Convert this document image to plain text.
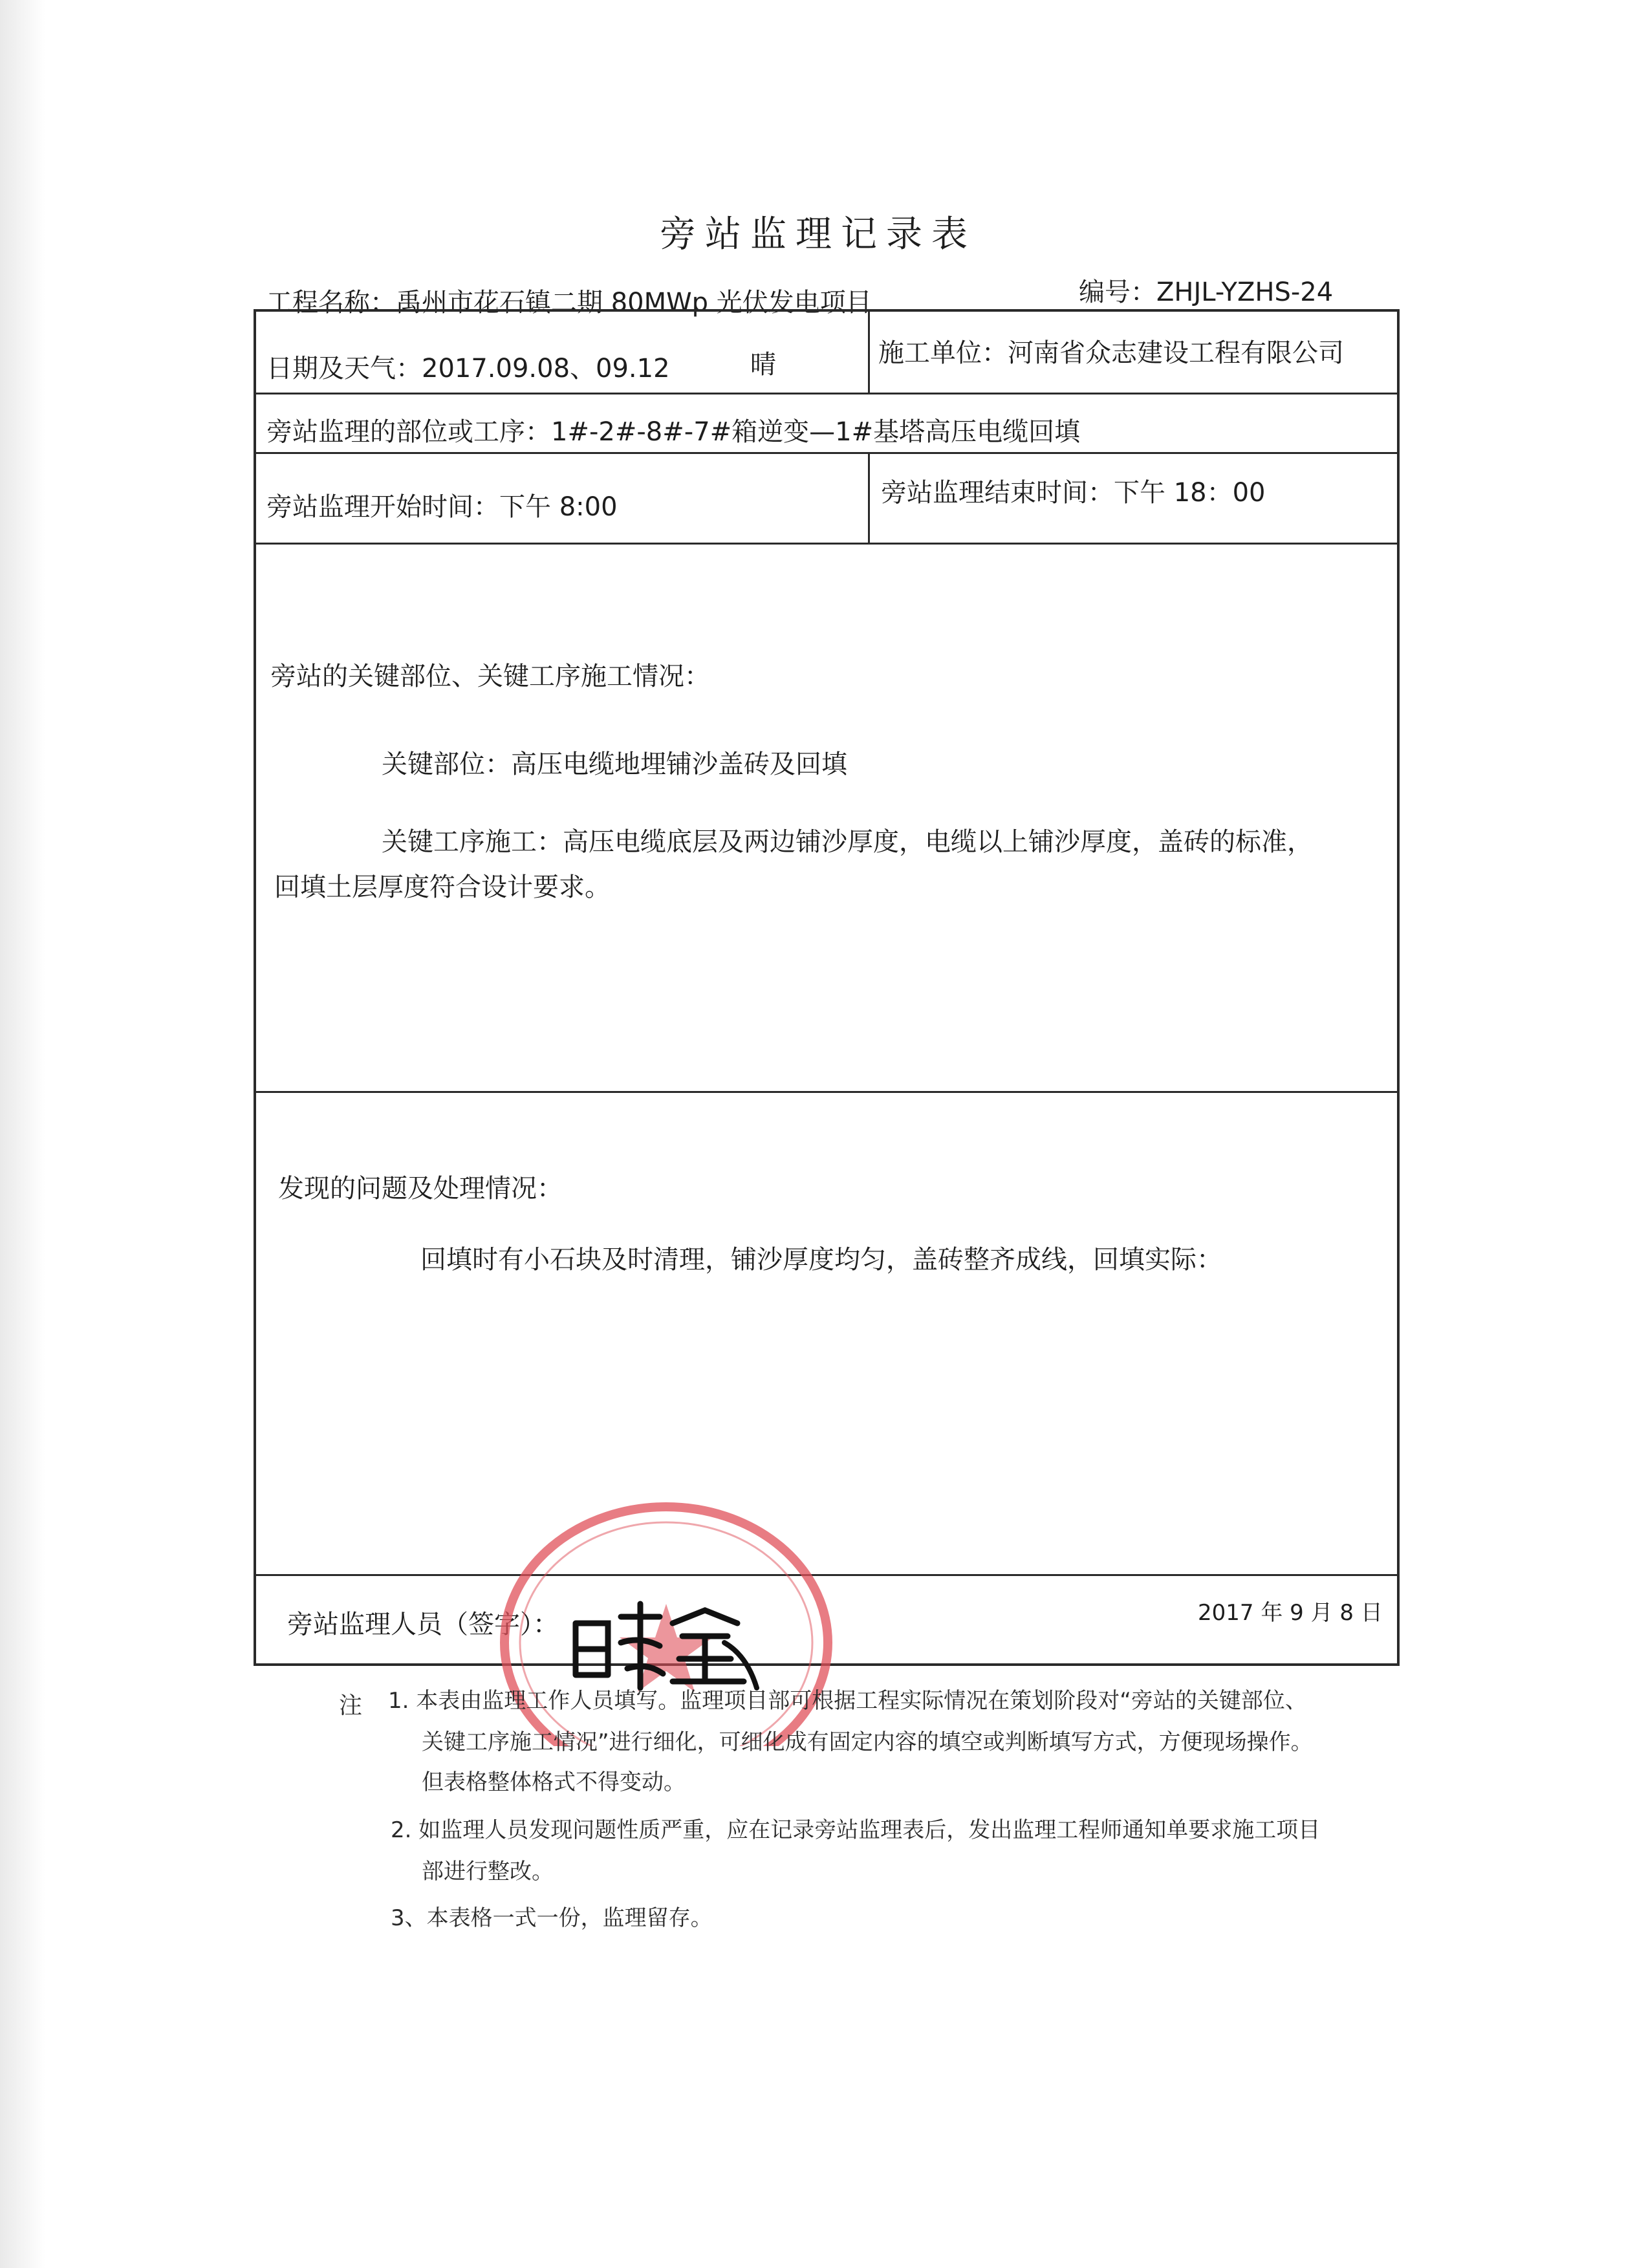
旁站监理记录表
工程名称：禹州市花石镇二期 80MWp 光伏发电项目	编号：ZHJL-YZHS-24
日期及天气：2017.09.08、09.12	晴	施工单位：河南省众志建设工程有限公司
旁站监理的部位或工序：1#-2#-8#-7#箱逆变—1#基塔高压电缆回填
旁站监理开始时间：下午 8:00	旁站监理结束时间：下午 18：00
旁站的关键部位、关键工序施工情况：
关键部位：高压电缆地埋铺沙盖砖及回填
关键工序施工：高压电缆底层及两边铺沙厚度，电缆以上铺沙厚度，盖砖的标准，
回填土层厚度符合设计要求。
发现的问题及处理情况：
回填时有小石块及时清理，铺沙厚度均匀，盖砖整齐成线，回填实际：
旁站监理人员（签字）：	2017 年 9 月 8 日
注 1. 本表由监理工作人员填写。监理项目部可根据工程实际情况在策划阶段对“旁站的关键部位、
关键工序施工情况”进行细化，可细化成有固定内容的填空或判断填写方式，方便现场操作。
但表格整体格式不得变动。
2. 如监理人员发现问题性质严重，应在记录旁站监理表后，发出监理工程师通知单要求施工项目
部进行整改。
3、本表格一式一份，监理留存。
